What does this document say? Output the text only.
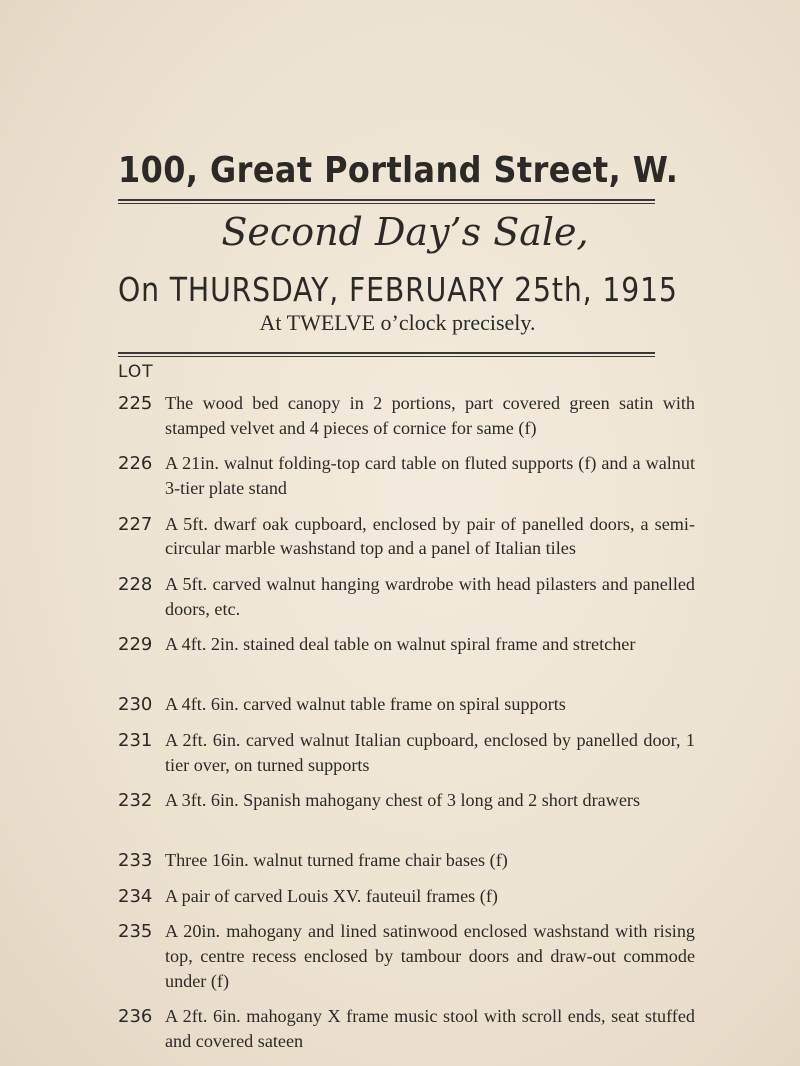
100, Great Portland Street, W.
Second Day’s Sale,
On THURSDAY, FEBRUARY 25th, 1915
At TWELVE o’clock precisely.
LOT
225 The wood bed canopy in 2 portions, part covered green satin with stamped velvet and 4 pieces of cornice for same (f)
226 A 21in. walnut folding-top card table on fluted supports (f) and a walnut 3-tier plate stand
227 A 5ft. dwarf oak cupboard, enclosed by pair of panelled doors, a semi-circular marble washstand top and a panel of Italian tiles
228 A 5ft. carved walnut hanging wardrobe with head pilasters and panelled doors, etc.
229 A 4ft. 2in. stained deal table on walnut spiral frame and stretcher
230 A 4ft. 6in. carved walnut table frame on spiral supports
231 A 2ft. 6in. carved walnut Italian cupboard, enclosed by panelled door, 1 tier over, on turned supports
232 A 3ft. 6in. Spanish mahogany chest of 3 long and 2 short drawers
233 Three 16in. walnut turned frame chair bases (f)
234 A pair of carved Louis XV. fauteuil frames (f)
235 A 20in. mahogany and lined satinwood enclosed washstand with rising top, centre recess enclosed by tambour doors and draw-out commode under (f)
236 A 2ft. 6in. mahogany X frame music stool with scroll ends, seat stuffed and covered sateen
